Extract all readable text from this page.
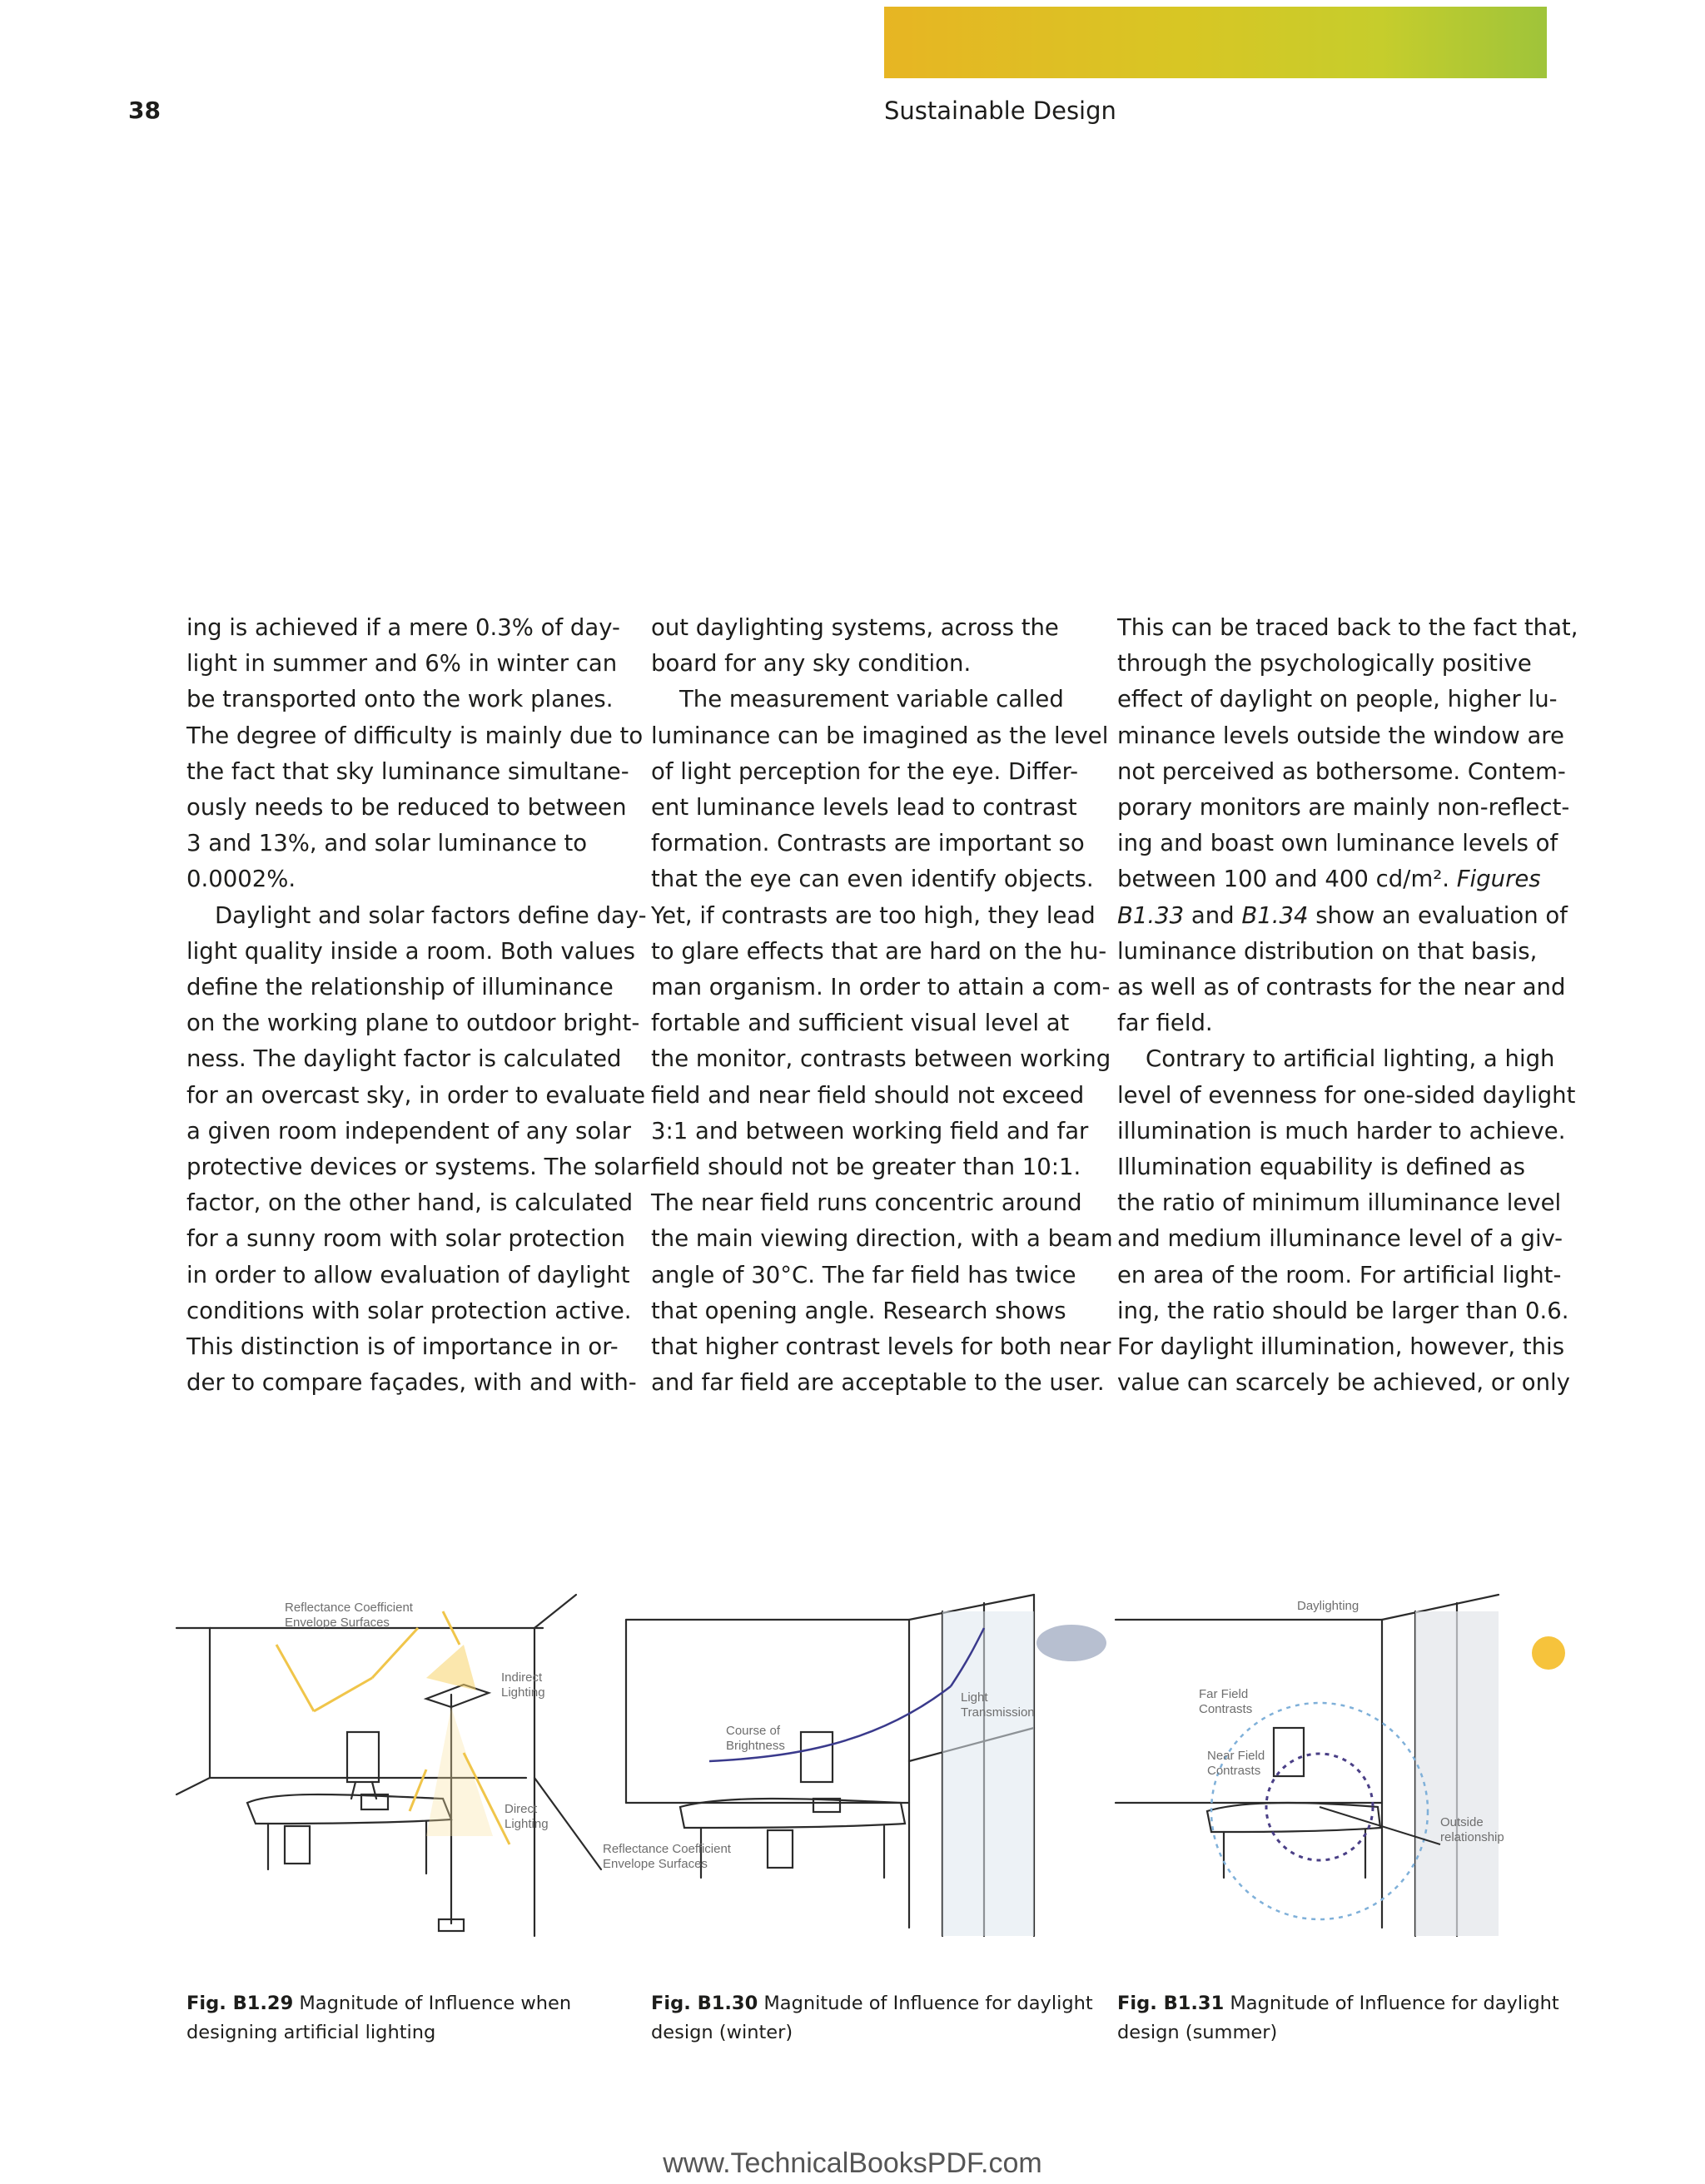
38	Sustainable Design
ing is achieved if a mere 0.3% of day-
light in summer and 6% in winter can
be transported onto the work planes.
The degree of difficulty is mainly due to
the fact that sky luminance simultane-
ously needs to be reduced to between
3 and 13%, and solar luminance to
0.0002%.
Daylight and solar factors define day-
light quality inside a room. Both values
define the relationship of illuminance
on the working plane to outdoor bright-
ness. The daylight factor is calculated
for an overcast sky, in order to evaluate
a given room independent of any solar
protective devices or systems. The solar
factor, on the other hand, is calculated
for a sunny room with solar protection
in order to allow evaluation of daylight
conditions with solar protection active.
This distinction is of importance in or-
der to compare façades, with and with-
out daylighting systems, across the
board for any sky condition.
The measurement variable called
luminance can be imagined as the level
of light perception for the eye. Differ-
ent luminance levels lead to contrast
formation. Contrasts are important so
that the eye can even identify objects.
Yet, if contrasts are too high, they lead
to glare effects that are hard on the hu-
man organism. In order to attain a com-
fortable and sufficient visual level at
the monitor, contrasts between working
field and near field should not exceed
3:1 and between working field and far
field should not be greater than 10:1.
The near field runs concentric around
the main viewing direction, with a beam
angle of 30°C. The far field has twice
that opening angle. Research shows
that higher contrast levels for both near
and far field are acceptable to the user.
This can be traced back to the fact that,
through the psychologically positive
effect of daylight on people, higher lu-
minance levels outside the window are
not perceived as bothersome. Contem-
porary monitors are mainly non-reflect-
ing and boast own luminance levels of
between 100 and 400 cd/m². Figures
B1.33 and B1.34 show an evaluation of
luminance distribution on that basis,
as well as of contrasts for the near and
far field.
Contrary to artificial lighting, a high
level of evenness for one-sided daylight
illumination is much harder to achieve.
Illumination equability is defined as
the ratio of minimum illuminance level
and medium illuminance level of a giv-
en area of the room. For artificial light-
ing, the ratio should be larger than 0.6.
For daylight illumination, however, this
value can scarcely be achieved, or only
Reflectance Coefficient Envelope Surfaces
Indirect Lighting
Direct Lighting
Course of Brightness
Light Transmission
Reflectance Coefficient Envelope Surfaces
Daylighting
Far Field Contrasts
Near Field Contrasts
Outside relationship
Fig. B1.29 Magnitude of Influence when designing artificial lighting
Fig. B1.30 Magnitude of Influence for daylight design (winter)
Fig. B1.31 Magnitude of Influence for daylight design (summer)
www.TechnicalBooksPDF.com
